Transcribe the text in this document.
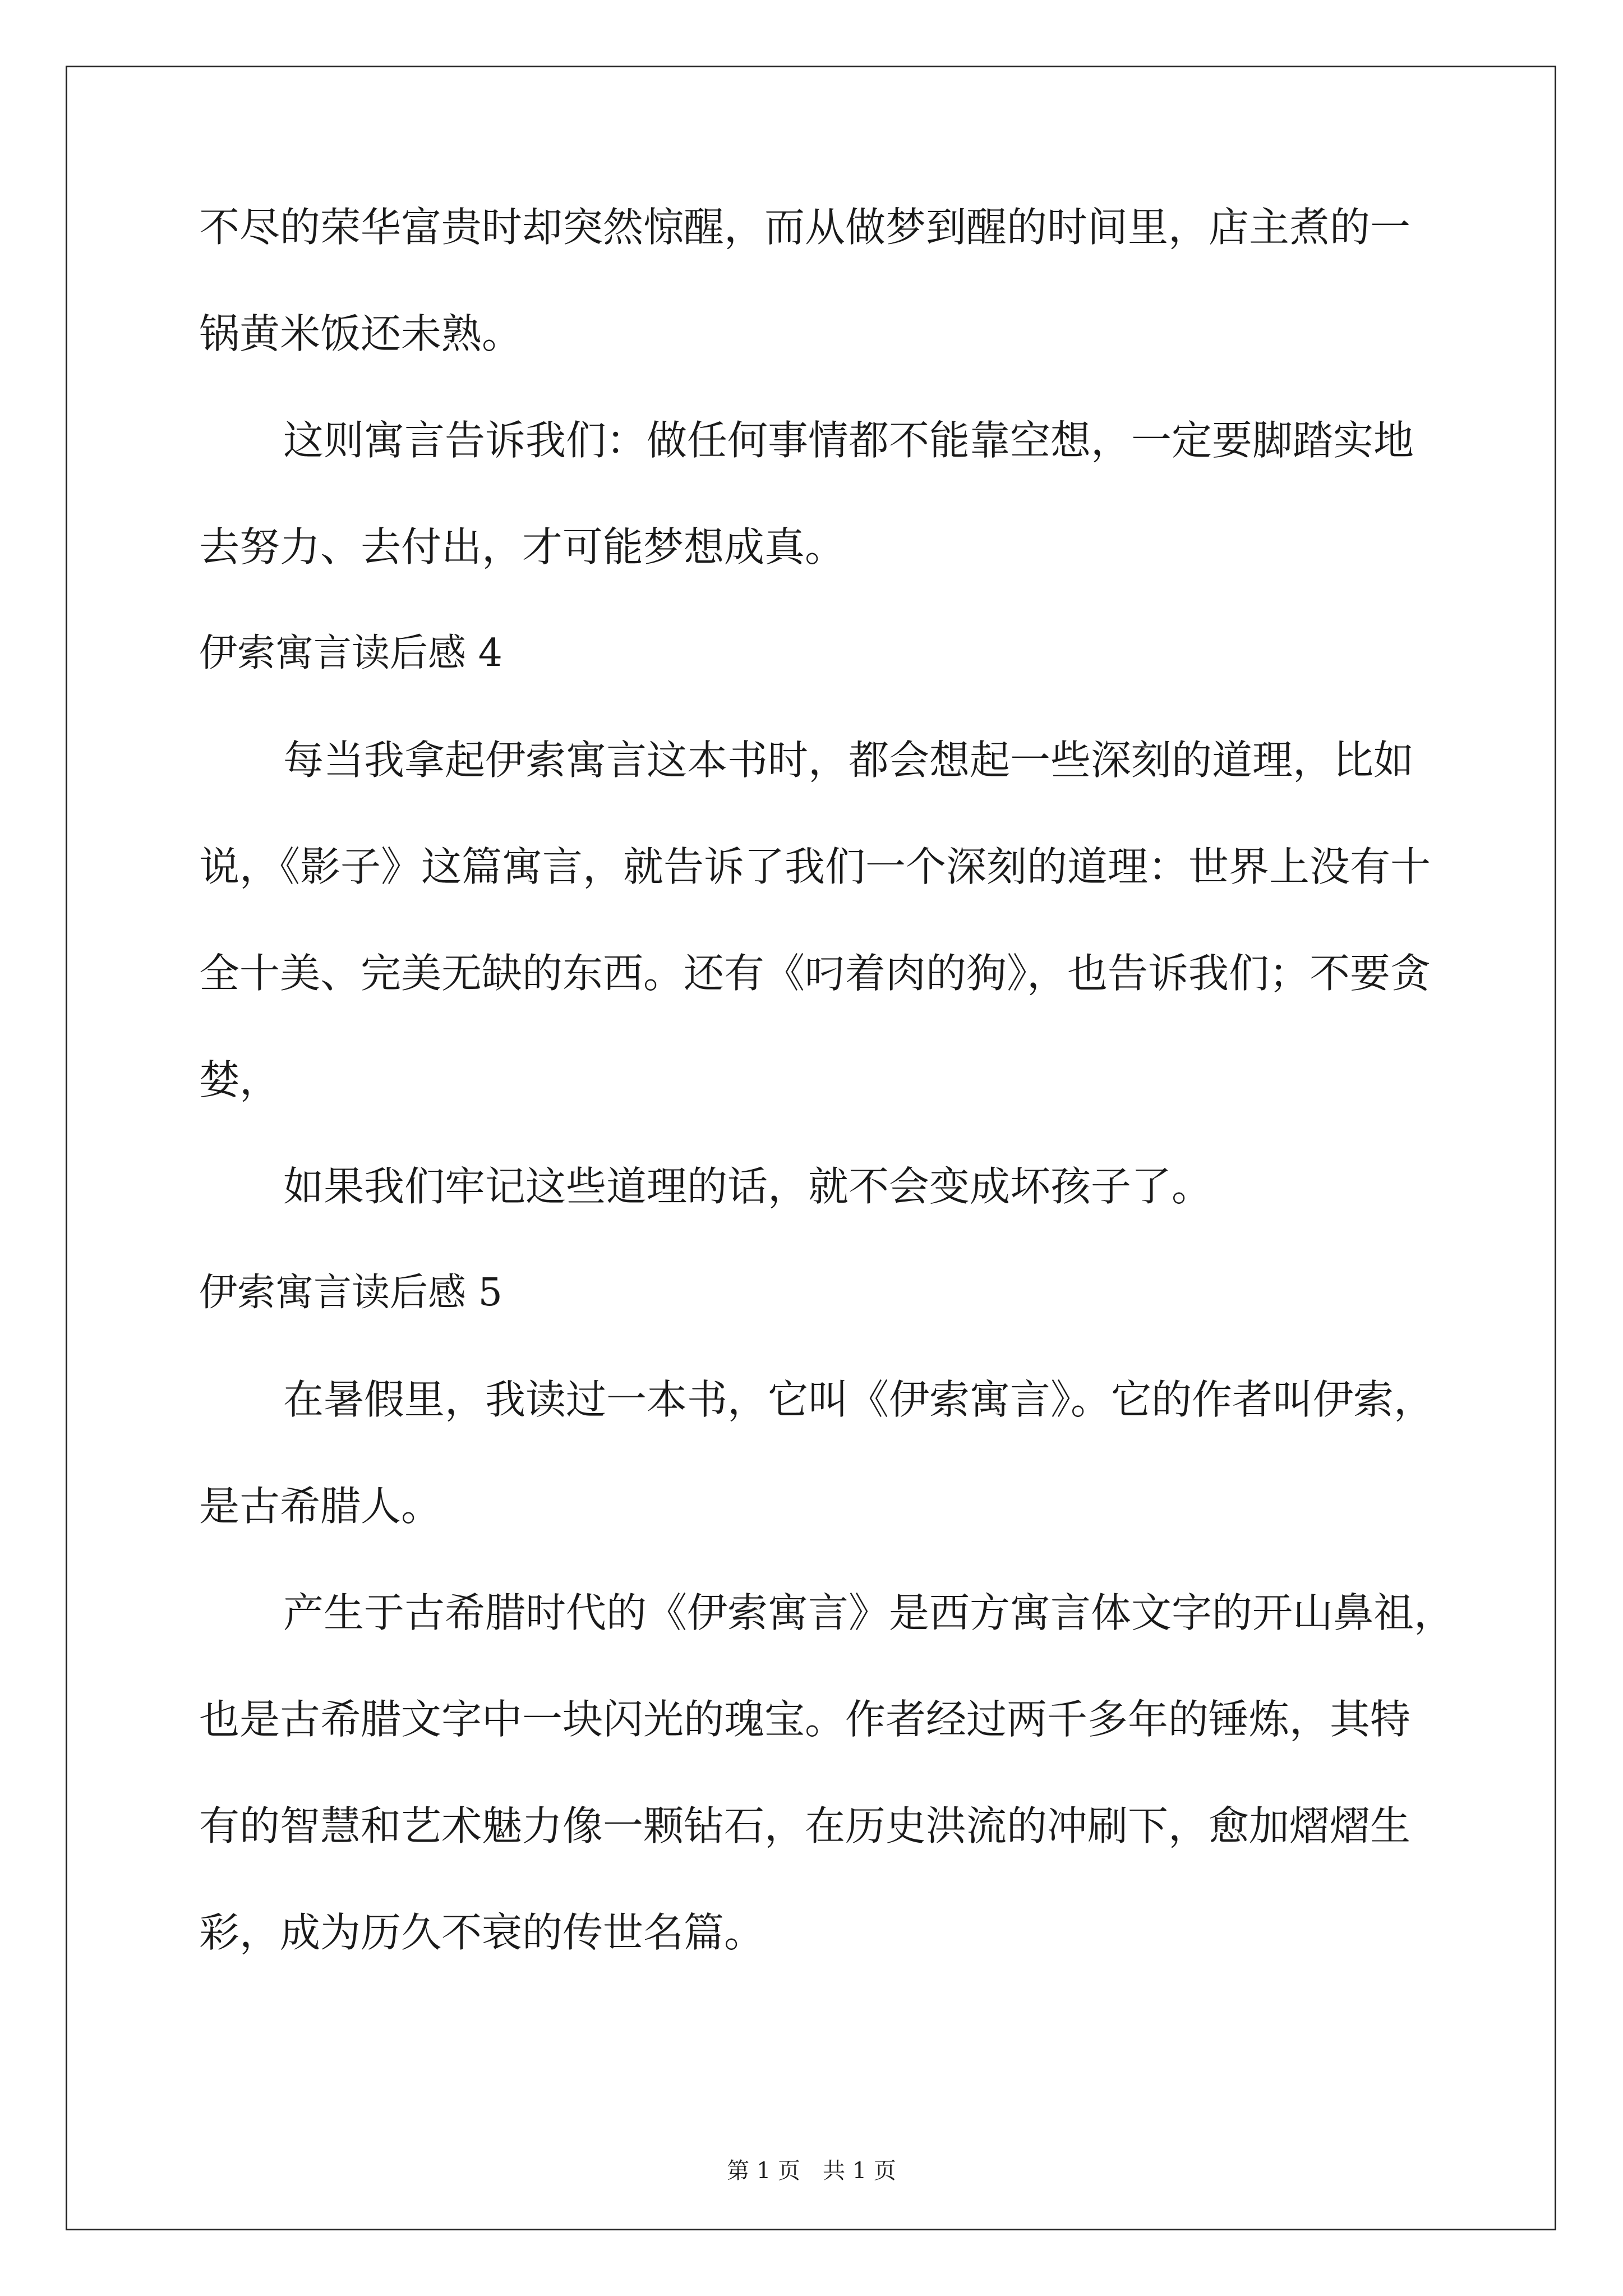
不尽的荣华富贵时却突然惊醒，而从做梦到醒的时间里，店主煮的一
锅黄米饭还未熟。
这则寓言告诉我们：做任何事情都不能靠空想，一定要脚踏实地
去努力、去付出，才可能梦想成真。
伊索寓言读后感 4
每当我拿起伊索寓言这本书时，都会想起一些深刻的道理，比如
说，《影子》这篇寓言，就告诉了我们一个深刻的道理：世界上没有十
全十美、完美无缺的东西。还有《叼着肉的狗》，也告诉我们；不要贪
婪，
如果我们牢记这些道理的话，就不会变成坏孩子了。
伊索寓言读后感 5
在暑假里，我读过一本书，它叫《伊索寓言》。它的作者叫伊索，
是古希腊人。
产生于古希腊时代的《伊索寓言》是西方寓言体文字的开山鼻祖，
也是古希腊文字中一块闪光的瑰宝。作者经过两千多年的锤炼，其特
有的智慧和艺术魅力像一颗钻石，在历史洪流的冲刷下，愈加熠熠生
彩，成为历久不衰的传世名篇。
第 1 页　共 1 页
